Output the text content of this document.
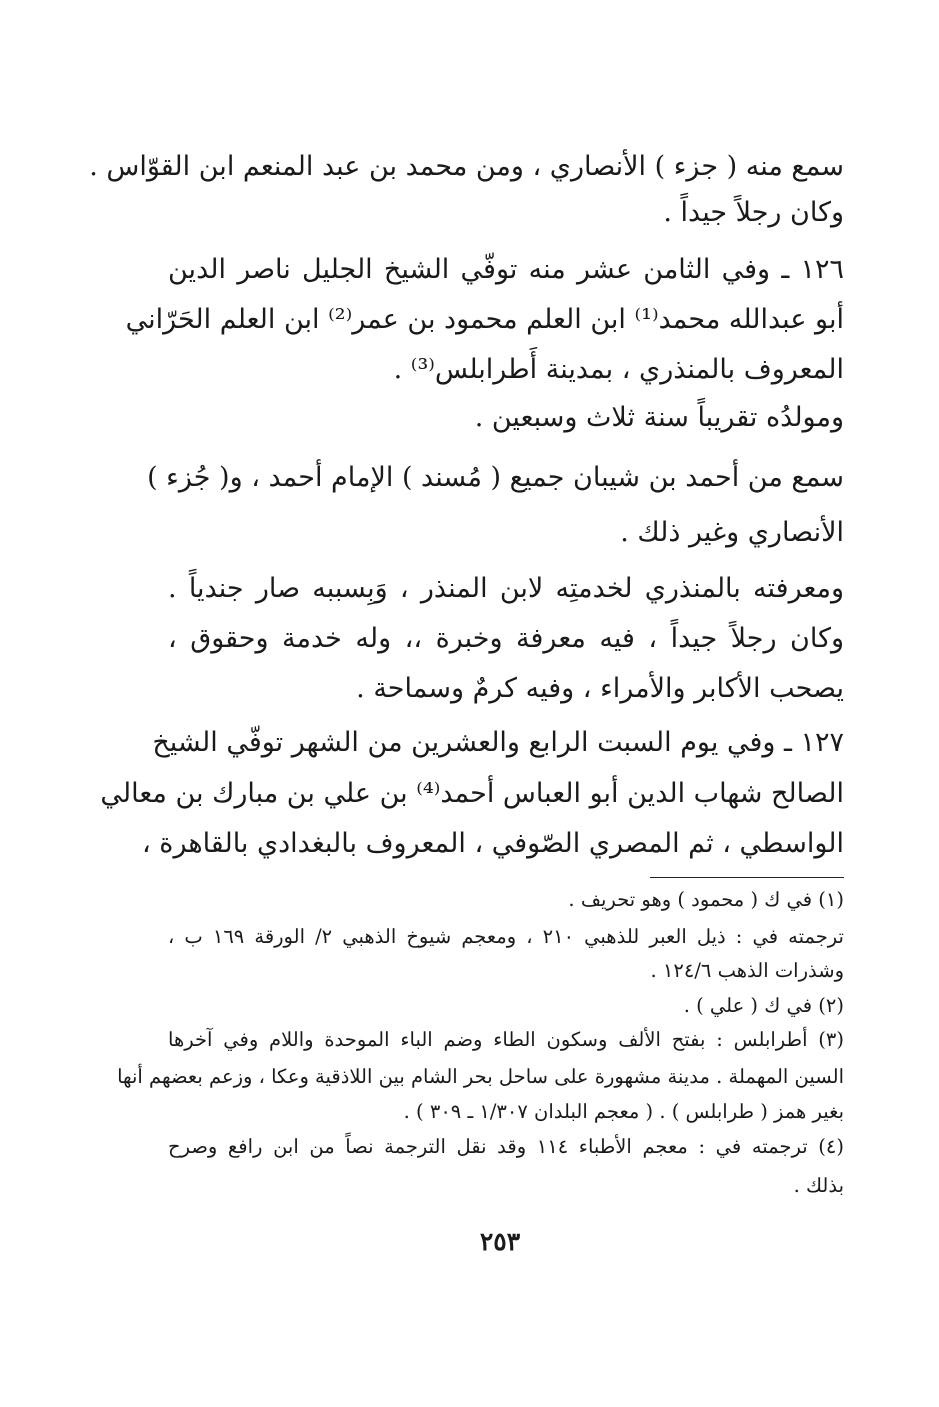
سمع منه ( جزء ) الأنصاري ، ومن محمد بن عبد المنعم ابن القوّاس .
وكان رجلاً جيداً .
١٢٦ ـ وفي الثامن عشر منه توفّي الشيخ الجليل ناصر الدين
أبو عبدالله محمد⁽¹⁾ ابن العلم محمود بن عمر⁽²⁾ ابن العلم الحَرّاني
المعروف بالمنذري ، بمدينة أَطرابلس⁽³⁾ .
ومولدُه تقريباً سنة ثلاث وسبعين .
سمع من أحمد بن شيبان جميع ( مُسند ) الإمام أحمد ، و( جُزء )
الأنصاري وغير ذلك .
ومعرفته بالمنذري لخدمتِه لابن المنذر ، وَبِسببه صار جندياً .
وكان رجلاً جيداً ، فيه معرفة وخبرة ،، وله خدمة وحقوق ،
يصحب الأكابر والأمراء ، وفيه كرمٌ وسماحة .
١٢٧ ـ وفي يوم السبت الرابع والعشرين من الشهر توفّي الشيخ
الصالح شهاب الدين أبو العباس أحمد⁽⁴⁾ بن علي بن مبارك بن معالي
الواسطي ، ثم المصري الصّوفي ، المعروف بالبغدادي بالقاهرة ،
(١) في ك ( محمود ) وهو تحريف .
ترجمته في : ذيل العبر للذهبي ٢١٠ ، ومعجم شيوخ الذهبي ٢/ الورقة ١٦٩ ب ،
وشذرات الذهب ١٢٤/٦ .
(٢) في ك ( علي ) .
(٣) أطرابلس : بفتح الألف وسكون الطاء وضم الباء الموحدة واللام وفي آخرها
السين المهملة . مدينة مشهورة على ساحل بحر الشام بين اللاذقية وعكا ، وزعم بعضهم أنها
بغير همز ( طرابلس ) . ( معجم البلدان ١/٣٠٧ ـ ٣٠٩ ) .
(٤) ترجمته في : معجم الأطباء ١١٤ وقد نقل الترجمة نصاً من ابن رافع وصرح
بذلك .
٢٥٣
